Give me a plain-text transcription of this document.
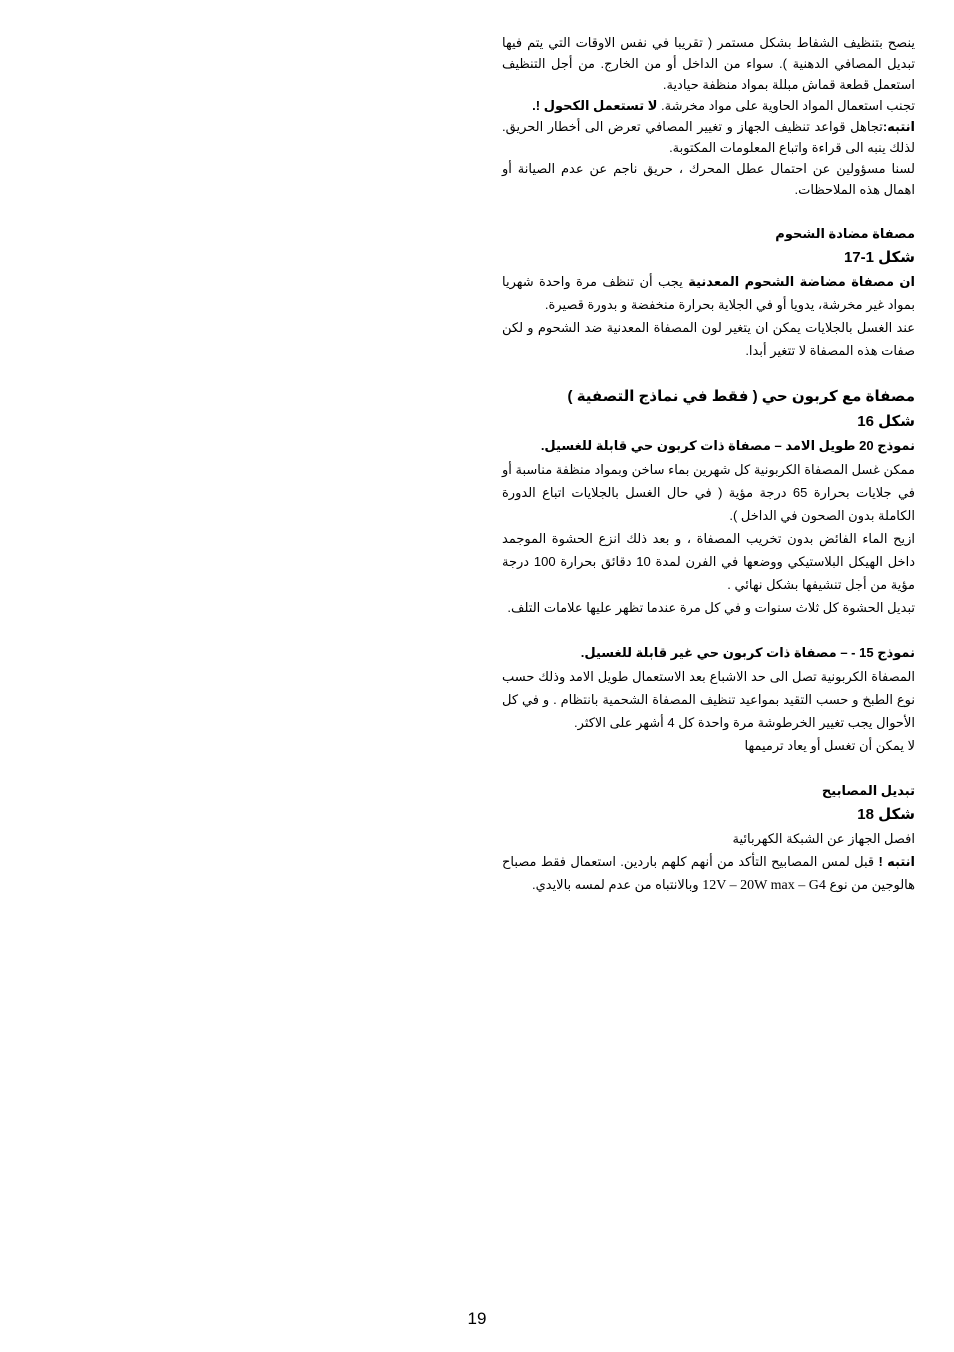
ينصح بتنظيف الشفاط بشكل مستمر ( تقريبا في نفس الاوقات التي يتم فيها تبديل المصافي الدهنية ). سواء من الداخل أو من الخارج. من أجل التنظيف استعمل قطعة قماش مبللة بمواد منظفة حيادية.

تجنب استعمال المواد الحاوية على مواد مخرشة. لا تستعمل الكحول !.

انتبه:تجاهل قواعد تنظيف الجهاز و تغيير المصافي تعرض الى أخطار الحريق. لذلك ينبه الى قراءة واتباع المعلومات المكتوبة.

لسنا مسؤولين عن احتمال عطل المحرك ، حريق ناجم عن عدم الصيانة أو اهمال هذه الملاحظات.

مصفاة مضادة الشحوم

شكل 1-17

ان مصفاة مضاضة الشحوم المعدنية يجب أن تنظف مرة واحدة شهريا بمواد غير مخرشة، يدويا أو في الجلاية بحرارة منخفضة و بدورة قصيرة.

عند الغسل بالجلايات يمكن ان يتغير لون المصفاة المعدنية ضد الشحوم و لكن صفات هذه المصفاة لا تتغير أبدا.

مصفاة مع كربون حي ( فقط في نماذج التصفية )

شكل 16

نموذج 20 طويل الامد – مصفاة ذات كربون حي قابلة للغسيل.

ممكن غسل المصفاة الكربونية كل شهرين بماء ساخن وبمواد منظفة مناسبة أو في جلايات بحرارة 65 درجة مؤية ( في حال الغسل بالجلايات اتباع الدورة الكاملة بدون الصحون في الداخل ).

ازيح الماء الفائض بدون تخريب المصفاة ، و بعد ذلك انزع الحشوة الموجمد داخل الهيكل البلاستيكي ووضعها في الفرن لمدة 10 دقائق بحرارة 100 درجة مؤية من أجل تنشيفها بشكل نهائي .

تبديل الحشوة كل ثلاث سنوات و في كل مرة عندما تظهر عليها علامات التلف.

نموذج 15 - – مصفاة ذات كربون حي غير قابلة للغسيل.

المصفاة الكربونية تصل الى حد الاشباع بعد الاستعمال طويل الامد وذلك حسب نوع الطبخ و حسب التقيد بمواعيد تنظيف المصفاة الشحمية بانتظام . و في كل الأحوال يجب تغيير الخرطوشة مرة واحدة كل 4 أشهر على الاكثر.

لا يمكن أن تغسل أو يعاد ترميمها

تبديل المصابيح

شكل 18

افصل الجهاز عن الشبكة الكهربائية

انتبه ! قبل لمس المصابيح التأكد من أنهم كلهم باردين. استعمال فقط مصباح هالوجين من نوع 12V – 20W max – G4 وبالانتباه من عدم لمسه بالايدي.

19
